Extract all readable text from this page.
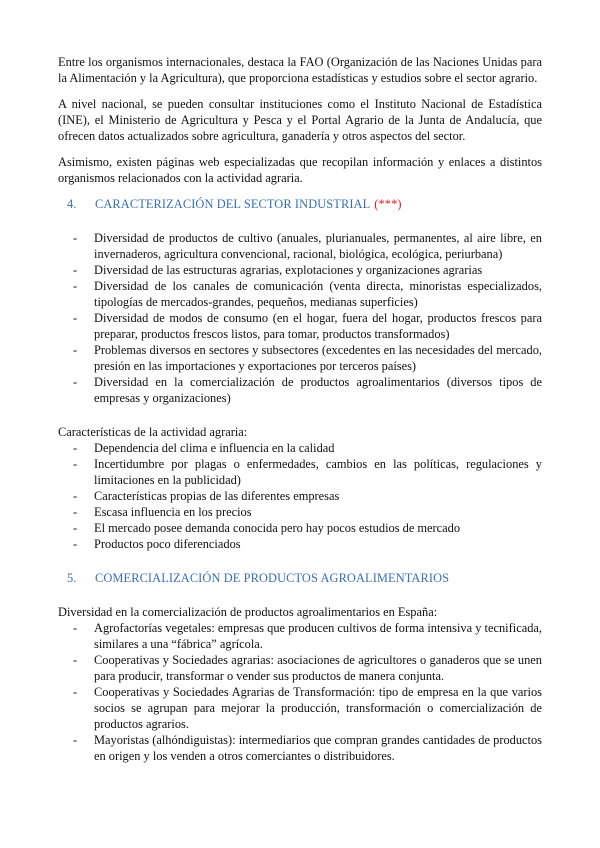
Entre los organismos internacionales, destaca la FAO (Organización de las Naciones Unidas para la Alimentación y la Agricultura), que proporciona estadísticas y estudios sobre el sector agrario.

A nivel nacional, se pueden consultar instituciones como el Instituto Nacional de Estadística (INE), el Ministerio de Agricultura y Pesca y el Portal Agrario de la Junta de Andalucía, que ofrecen datos actualizados sobre agricultura, ganadería y otros aspectos del sector.

Asimismo, existen páginas web especializadas que recopilan información y enlaces a distintos organismos relacionados con la actividad agraria.

4.	CARACTERIZACIÓN DEL SECTOR INDUSTRIAL (***)
- Diversidad de productos de cultivo (anuales, plurianuales, permanentes, al aire libre, en invernaderos, agricultura convencional, racional, biológica, ecológica, periurbana)
- Diversidad de las estructuras agrarias, explotaciones y organizaciones agrarias
- Diversidad de los canales de comunicación (venta directa, minoristas especializados, tipologías de mercados-grandes, pequeños, medianas superficies)
- Diversidad de modos de consumo (en el hogar, fuera del hogar, productos frescos para preparar, productos frescos listos, para tomar, productos transformados)
- Problemas diversos en sectores y subsectores (excedentes en las necesidades del mercado, presión en las importaciones y exportaciones por terceros países)
- Diversidad en la comercialización de productos agroalimentarios (diversos tipos de empresas y organizaciones)

Características de la actividad agraria:

- Dependencia del clima e influencia en la calidad
- Incertidumbre por plagas o enfermedades, cambios en las políticas, regulaciones y limitaciones en la publicidad)
- Características propias de las diferentes empresas
- Escasa influencia en los precios
- El mercado posee demanda conocida pero hay pocos estudios de mercado
- Productos poco diferenciados
5.	COMERCIALIZACIÓN DE PRODUCTOS AGROALIMENTARIOS

Diversidad en la comercialización de productos agroalimentarios en España:

- Agrofactorías vegetales: empresas que producen cultivos de forma intensiva y tecnificada, similares a una “fábrica” agrícola.
- Cooperativas y Sociedades agrarias: asociaciones de agricultores o ganaderos que se unen para producir, transformar o vender sus productos de manera conjunta.
- Cooperativas y Sociedades Agrarias de Transformación: tipo de empresa en la que varios socios se agrupan para mejorar la producción, transformación o comercialización de productos agrarios.
- Mayoristas (alhóndiguistas): intermediarios que compran grandes cantidades de productos en origen y los venden a otros comerciantes o distribuidores.
